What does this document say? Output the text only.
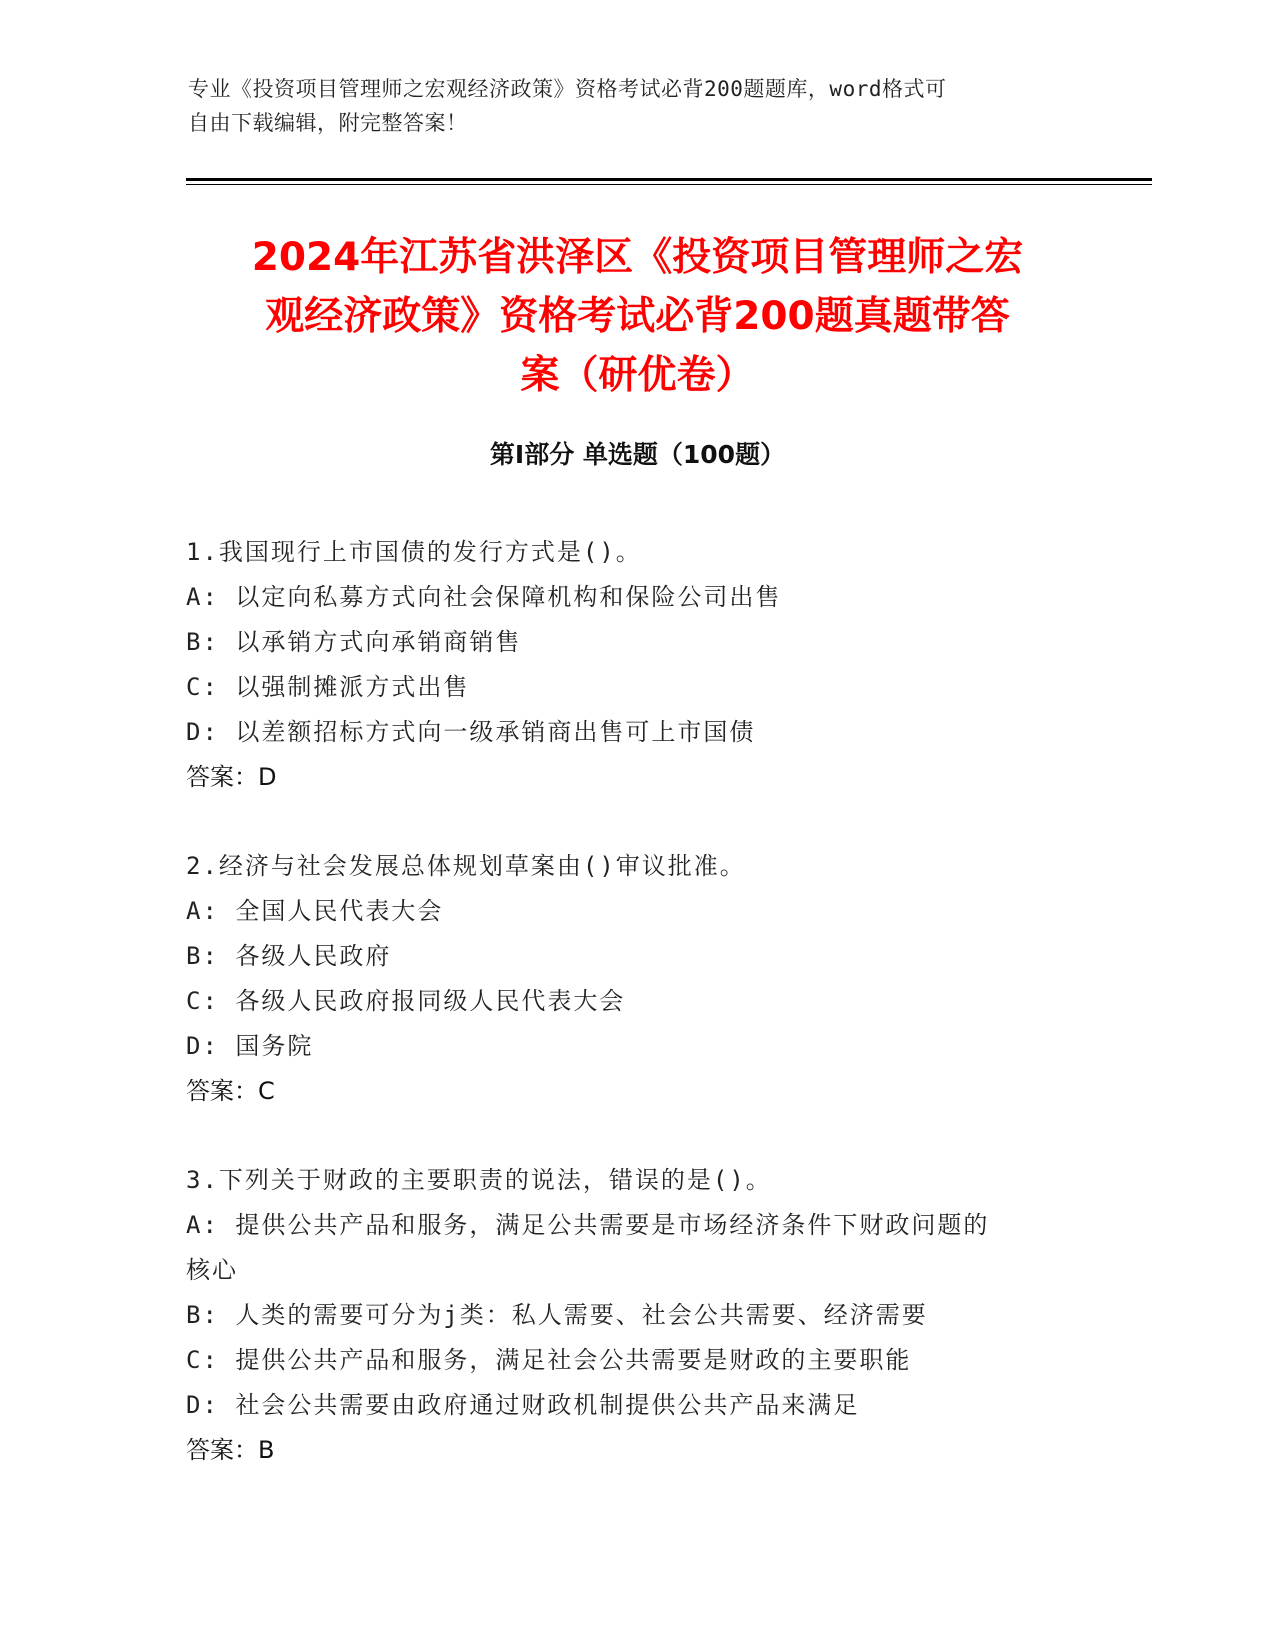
专业《投资项目管理师之宏观经济政策》资格考试必背200题题库，word格式可
自由下载编辑，附完整答案！
2024年江苏省洪泽区《投资项目管理师之宏
观经济政策》资格考试必背200题真题带答
案（研优卷）
第I部分 单选题（100题）
1.我国现行上市国债的发行方式是()。
A: 以定向私募方式向社会保障机构和保险公司出售
B: 以承销方式向承销商销售
C: 以强制摊派方式出售
D: 以差额招标方式向一级承销商出售可上市国债
答案：D
2.经济与社会发展总体规划草案由()审议批准。
A: 全国人民代表大会
B: 各级人民政府
C: 各级人民政府报同级人民代表大会
D: 国务院
答案：C
3.下列关于财政的主要职责的说法，错误的是()。
A: 提供公共产品和服务，满足公共需要是市场经济条件下财政问题的
核心
B: 人类的需要可分为j类：私人需要、社会公共需要、经济需要
C: 提供公共产品和服务，满足社会公共需要是财政的主要职能
D: 社会公共需要由政府通过财政机制提供公共产品来满足
答案：B
